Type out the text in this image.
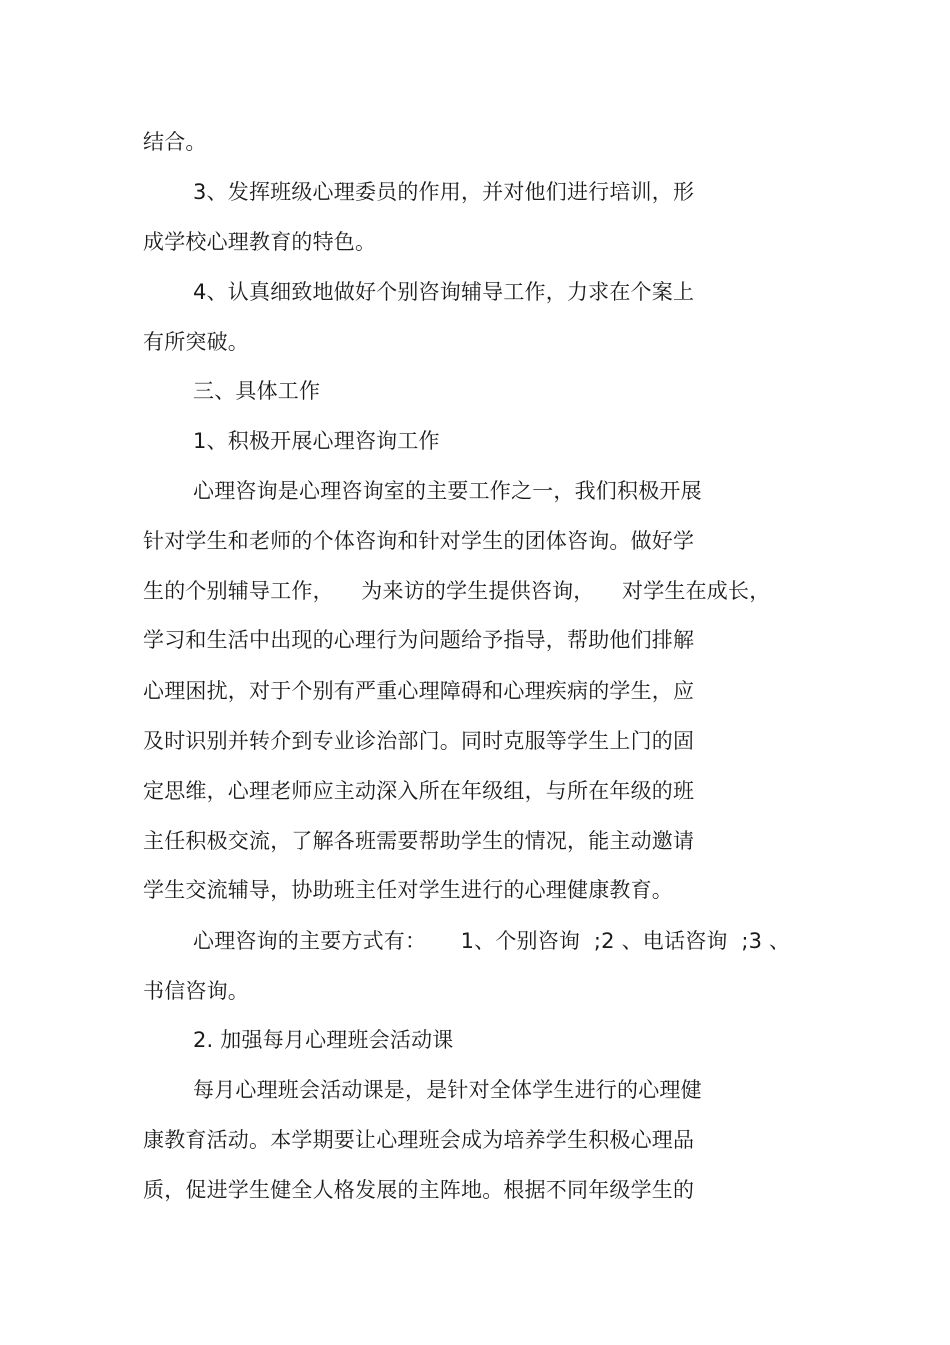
结合。
3、发挥班级心理委员的作用，并对他们进行培训，形
成学校心理教育的特色。
4、认真细致地做好个别咨询辅导工作，力求在个案上
有所突破。
三、具体工作
1、积极开展心理咨询工作
心理咨询是心理咨询室的主要工作之一，我们积极开展
针对学生和老师的个体咨询和针对学生的团体咨询。做好学
生的个别辅导工作，    为来访的学生提供咨询，    对学生在成长，
学习和生活中出现的心理行为问题给予指导，帮助他们排解
心理困扰，对于个别有严重心理障碍和心理疾病的学生，应
及时识别并转介到专业诊治部门。同时克服等学生上门的固
定思维，心理老师应主动深入所在年级组，与所在年级的班
主任积极交流，了解各班需要帮助学生的情况，能主动邀请
学生交流辅导，协助班主任对学生进行的心理健康教育。
心理咨询的主要方式有：     1、个别咨询  ;2 、电话咨询  ;3 、
书信咨询。
2. 加强每月心理班会活动课
每月心理班会活动课是，是针对全体学生进行的心理健
康教育活动。本学期要让心理班会成为培养学生积极心理品
质，促进学生健全人格发展的主阵地。根据不同年级学生的
